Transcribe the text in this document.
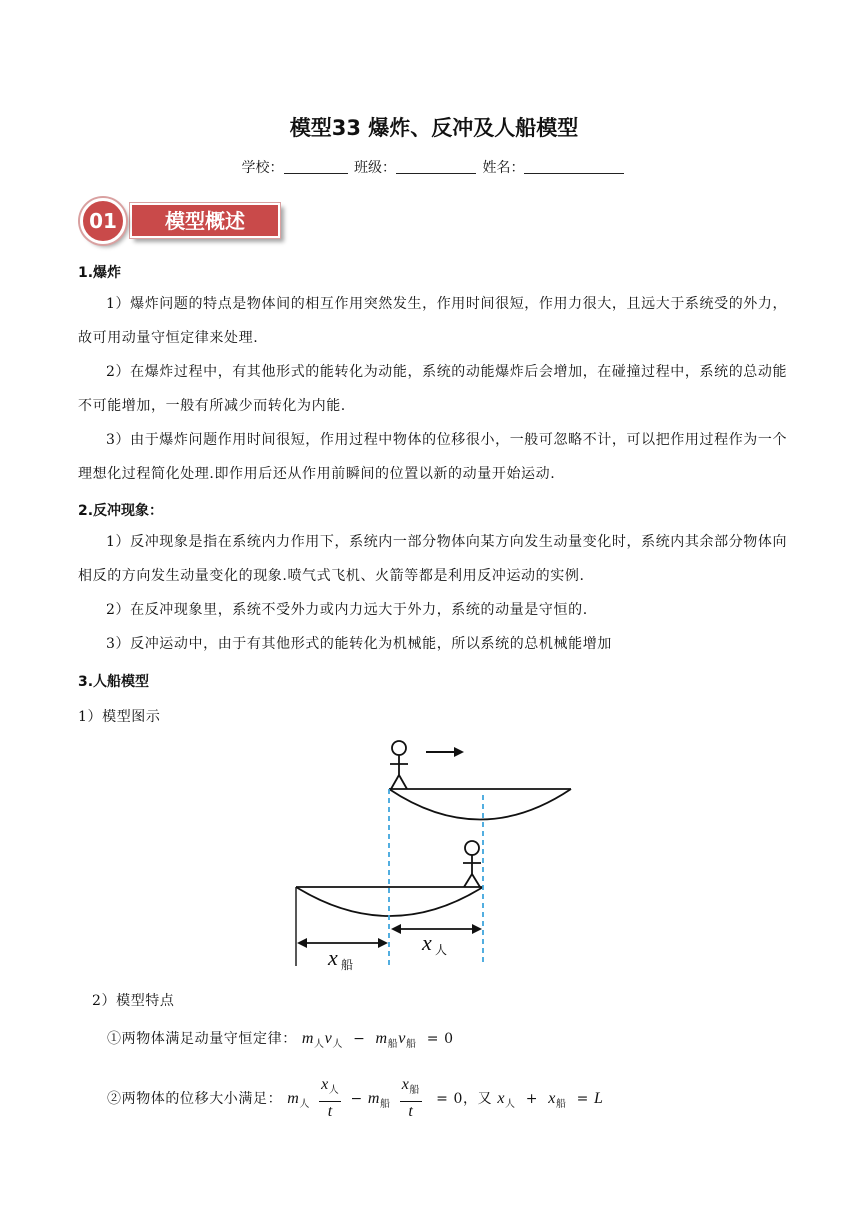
模型33 爆炸、反冲及人船模型
学校：	班级：	姓名：
01	模型概述
1.爆炸
1）爆炸问题的特点是物体间的相互作用突然发生，作用时间很短，作用力很大，且远大于系统受的外力，故可用动量守恒定律来处理.
2）在爆炸过程中，有其他形式的能转化为动能，系统的动能爆炸后会增加，在碰撞过程中，系统的总动能不可能增加，一般有所减少而转化为内能.
3）由于爆炸问题作用时间很短，作用过程中物体的位移很小，一般可忽略不计，可以把作用过程作为一个理想化过程简化处理.即作用后还从作用前瞬间的位置以新的动量开始运动.
2.反冲现象：
1）反冲现象是指在系统内力作用下，系统内一部分物体向某方向发生动量变化时，系统内其余部分物体向相反的方向发生动量变化的现象.喷气式飞机、火箭等都是利用反冲运动的实例.
2）在反冲现象里，系统不受外力或内力远大于外力，系统的动量是守恒的.
3）反冲运动中，由于有其他形式的能转化为机械能，所以系统的总机械能增加
3.人船模型
1）模型图示
x 船
x 人
2）模型特点
①两物体满足动量守恒定律： $m_人v_人 - m_船v_船 = 0$
②两物体的位移大小满足： $m_人 \frac{x_人}{t} - m_船 \frac{x_船}{t} = 0$，又 $x_人 + x_船 = L$
